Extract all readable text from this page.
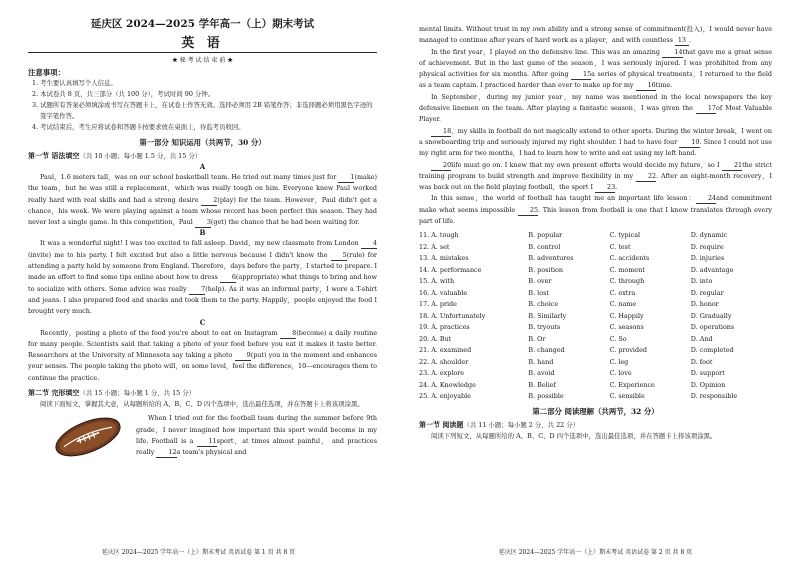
延庆区 2024—2025 学年高一（上）期末考试

英 语

★ 秘 考 试 结 束 前 ★

注意事项：

1. 考生要认真填写个人信息。

2. 本试卷共 8 页，共三部分（共 100 分），考试时间 90 分钟。

3. 试题所有答案必须填涂或书写在答题卡上，在试卷上作答无效。选择必须用 2B 铅笔作答；非选择题必须用黑色字迹的签字笔作答。

4. 考试结束后，考生应将试卷和答题卡按要求放在桌面上，待监考员收回。

第一部分 知识运用（共两节，30 分）

第一节 语法填空（共 10 小题；每小题 1.5 分，共 15 分）

A

Paul，1.6 meters tall，was on our school basketball team. He tried out many times just for 1(make) the team，but he was still a replacement，which was really tough on him. Everyone knew Paul worked really hard with real skills and had a strong desire 2(play) for the team. However，Paul didn't get a chance，his week. We were playing against a team whose record has been perfect this season. They had never lost a single game. In this competition，Paul 3(get) the chance that he had been waiting for.

B

It was a wonderful night! I was too excited to fall asleep. David，my new classmate from London 4(invite) me to his party. I felt excited but also a little nervous because I didn't know the 5(rule) for attending a party held by someone from England. Therefore，days before the party，I started to prepare. I made an effort to find some tips online about how to dress 6(appropriate) what things to bring and how to socialize with others. Some advice was really 7(help). As it was an informal party，I wore a T-shirt and jeans. I also prepared food and snacks and took them to the party. Happily，people enjoyed the food I brought very much.

C

Recently，posting a photo of the food you're about to eat on Instagram 8(become) a daily routine for many people. Scientists said that taking a photo of your food before you eat it makes it taste better. Researchers at the University of Minnesota say taking a photo 9(put) you in the moment and enhances your senses. The people taking the photo will，on some level，feel the difference，10—encourages them to continue the practice.

第二节 完形填空（共 15 小题；每小题 1 分，共 15 分）

阅读下面短文，掌握其大意，从每题所给的 A、B、C、D 四个选项中，选出最佳选项，并在答题卡上将该项涂黑。

When I tried out for the football team during the summer before 9th grade，I never imagined how important this sport would become in my life. Football is a 11sport，at times almost painful， and practices really 12a team's physical and

延庆区 2024—2025 学年高一（上）期末考试 英语试卷 第 1 页 共 8 页

mental limits. Without trust in my own ability and a strong sense of commitment(投入)，I would never have managed to continue after years of hard work as a player，and with countless 13 .

In the first year，I played on the defensive line. This was an amazing 14that gave me a great sense of achievement. But in the last game of the season，I was seriously injured. I was prohibited from any physical activities for six months. After going 15a series of physical treatments，I returned to the field as a team captain. I practiced harder than ever to make up for my 16time.

In September，during my junior year，my name was mentioned in the local newspapers the key defensive linemen on the team. After playing a fantastic season，I was given the 17of Most Valuable Player.

18，my skills in football do not magically extend to other sports. During the winter break，I went on a snowboarding trip and seriously injured my right shoulder. I had to have four 19. Since I could not use my right arm for two months，I had to learn how to write and eat using my left hand.

20life must go on. I knew that my own present efforts would decide my future，so I 21the strict training program to build strength and improve flexibility in my 22. After an eight-month recovery，I was back out on the field playing football，the sport I 23.

In this sense，the world of football has taught me an important life lesson： 24and commitment make what seems impossible 25. This lesson from football is one that I know translates through every part of life.

11. A. tough	B. popular	C. typical	D. dynamic
12. A. set	B. control	C. test	D. require
13. A. mistakes	B. adventures	C. accidents	D. injuries
14. A. performance	B. position	C. moment	D. advantage
15. A. with	B. over	C. through	D. into
16. A. valuable	B. lost	C. extra	D. regular
17. A. pride	B. choice	C. name	D. honor
18. A. Unfortunately	B. Similarly	C. Happily	D. Gradually
19. A. practices	B. tryouts	C. seasons	D. operations
20. A. But	B. Or	C. So	D. And
21. A. examined	B. changed	C. provided	D. completed
22. A. shoulder	B. hand	C. leg	D. foot
23. A. explore	B. avoid	C. love	D. support
24. A. Knowledge	B. Belief	C. Experience	D. Opinion
25. A. enjoyable	B. possible	C. sensible	D. responsible

第二部分 阅读理解（共两节，32 分）

第一节 阅读题（共 11 小题；每小题 2 分，共 22 分）

阅读下列短文，从每题所给的 A、B、C、D 四个选项中，选出最佳选项，并在答题卡上将该项涂黑。

延庆区 2024—2025 学年高一（上）期末考试 英语试卷 第 2 页 共 8 页
